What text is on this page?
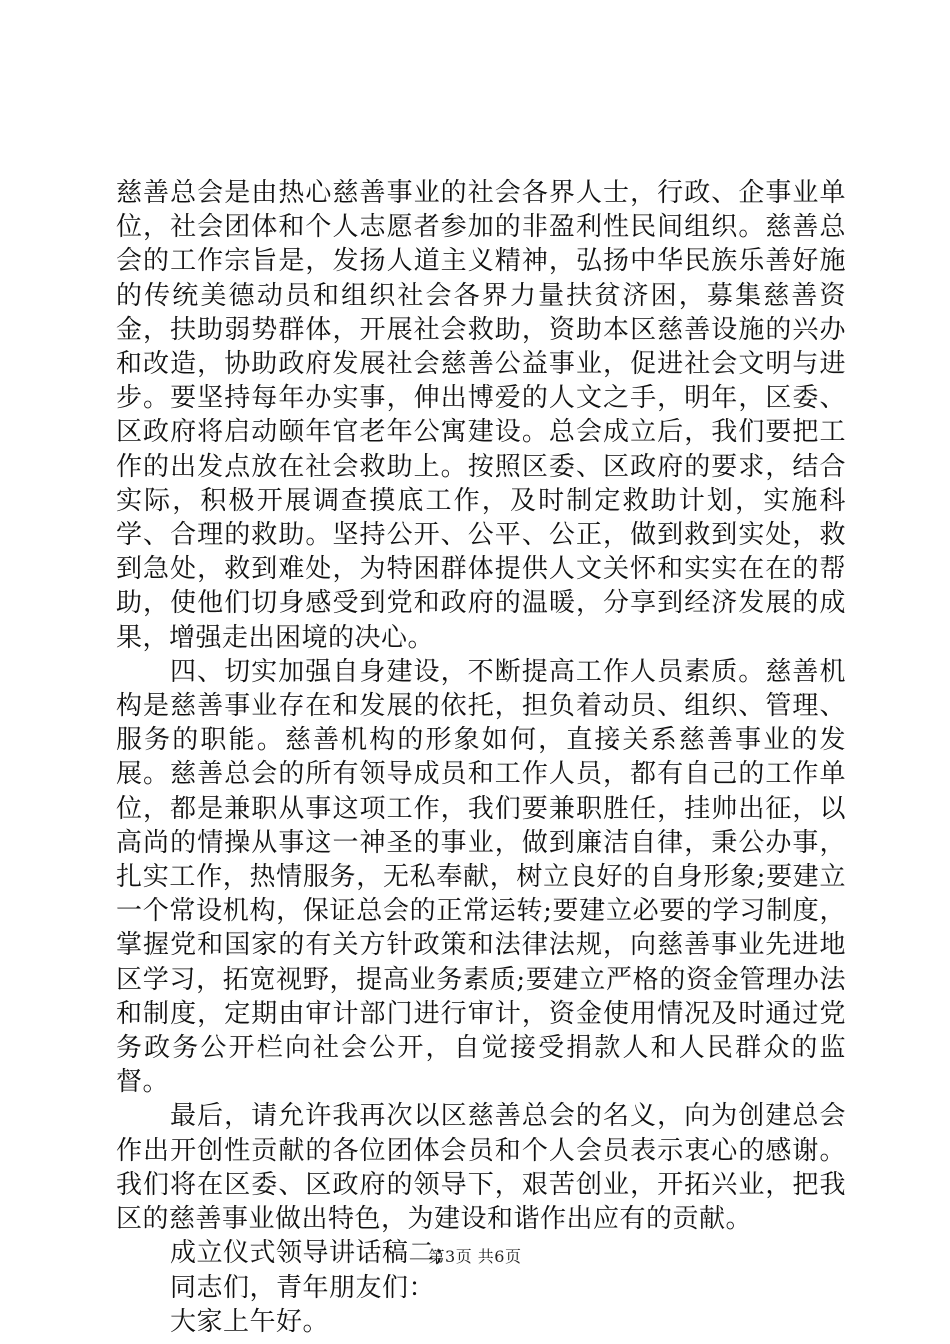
慈善总会是由热心慈善事业的社会各界人士，行政、企事业单位，社会团体和个人志愿者参加的非盈利性民间组织。慈善总会的工作宗旨是，发扬人道主义精神，弘扬中华民族乐善好施的传统美德动员和组织社会各界力量扶贫济困，募集慈善资金，扶助弱势群体，开展社会救助，资助本区慈善设施的兴办和改造，协助政府发展社会慈善公益事业，促进社会文明与进步。要坚持每年办实事，伸出博爱的人文之手，明年，区委、区政府将启动颐年官老年公寓建设。总会成立后，我们要把工作的出发点放在社会救助上。按照区委、区政府的要求，结合实际，积极开展调查摸底工作，及时制定救助计划，实施科学、合理的救助。坚持公开、公平、公正，做到救到实处，救到急处，救到难处，为特困群体提供人文关怀和实实在在的帮助，使他们切身感受到党和政府的温暖，分享到经济发展的成果，增强走出困境的决心。

四、切实加强自身建设，不断提高工作人员素质。慈善机构是慈善事业存在和发展的依托，担负着动员、组织、管理、服务的职能。慈善机构的形象如何，直接关系慈善事业的发展。慈善总会的所有领导成员和工作人员，都有自己的工作单位，都是兼职从事这项工作，我们要兼职胜任，挂帅出征，以高尚的情操从事这一神圣的事业，做到廉洁自律，秉公办事，扎实工作，热情服务，无私奉献，树立良好的自身形象;要建立一个常设机构，保证总会的正常运转;要建立必要的学习制度，掌握党和国家的有关方针政策和法律法规，向慈善事业先进地区学习，拓宽视野，提高业务素质;要建立严格的资金管理办法和制度，定期由审计部门进行审计，资金使用情况及时通过党务政务公开栏向社会公开，自觉接受捐款人和人民群众的监督。

最后，请允许我再次以区慈善总会的名义，向为创建总会作出开创性贡献的各位团体会员和个人会员表示衷心的感谢。我们将在区委、区政府的领导下，艰苦创业，开拓兴业，把我区的慈善事业做出特色，为建设和谐作出应有的贡献。

成立仪式领导讲话稿二;

同志们，青年朋友们：

大家上午好。

第3页 共6页
